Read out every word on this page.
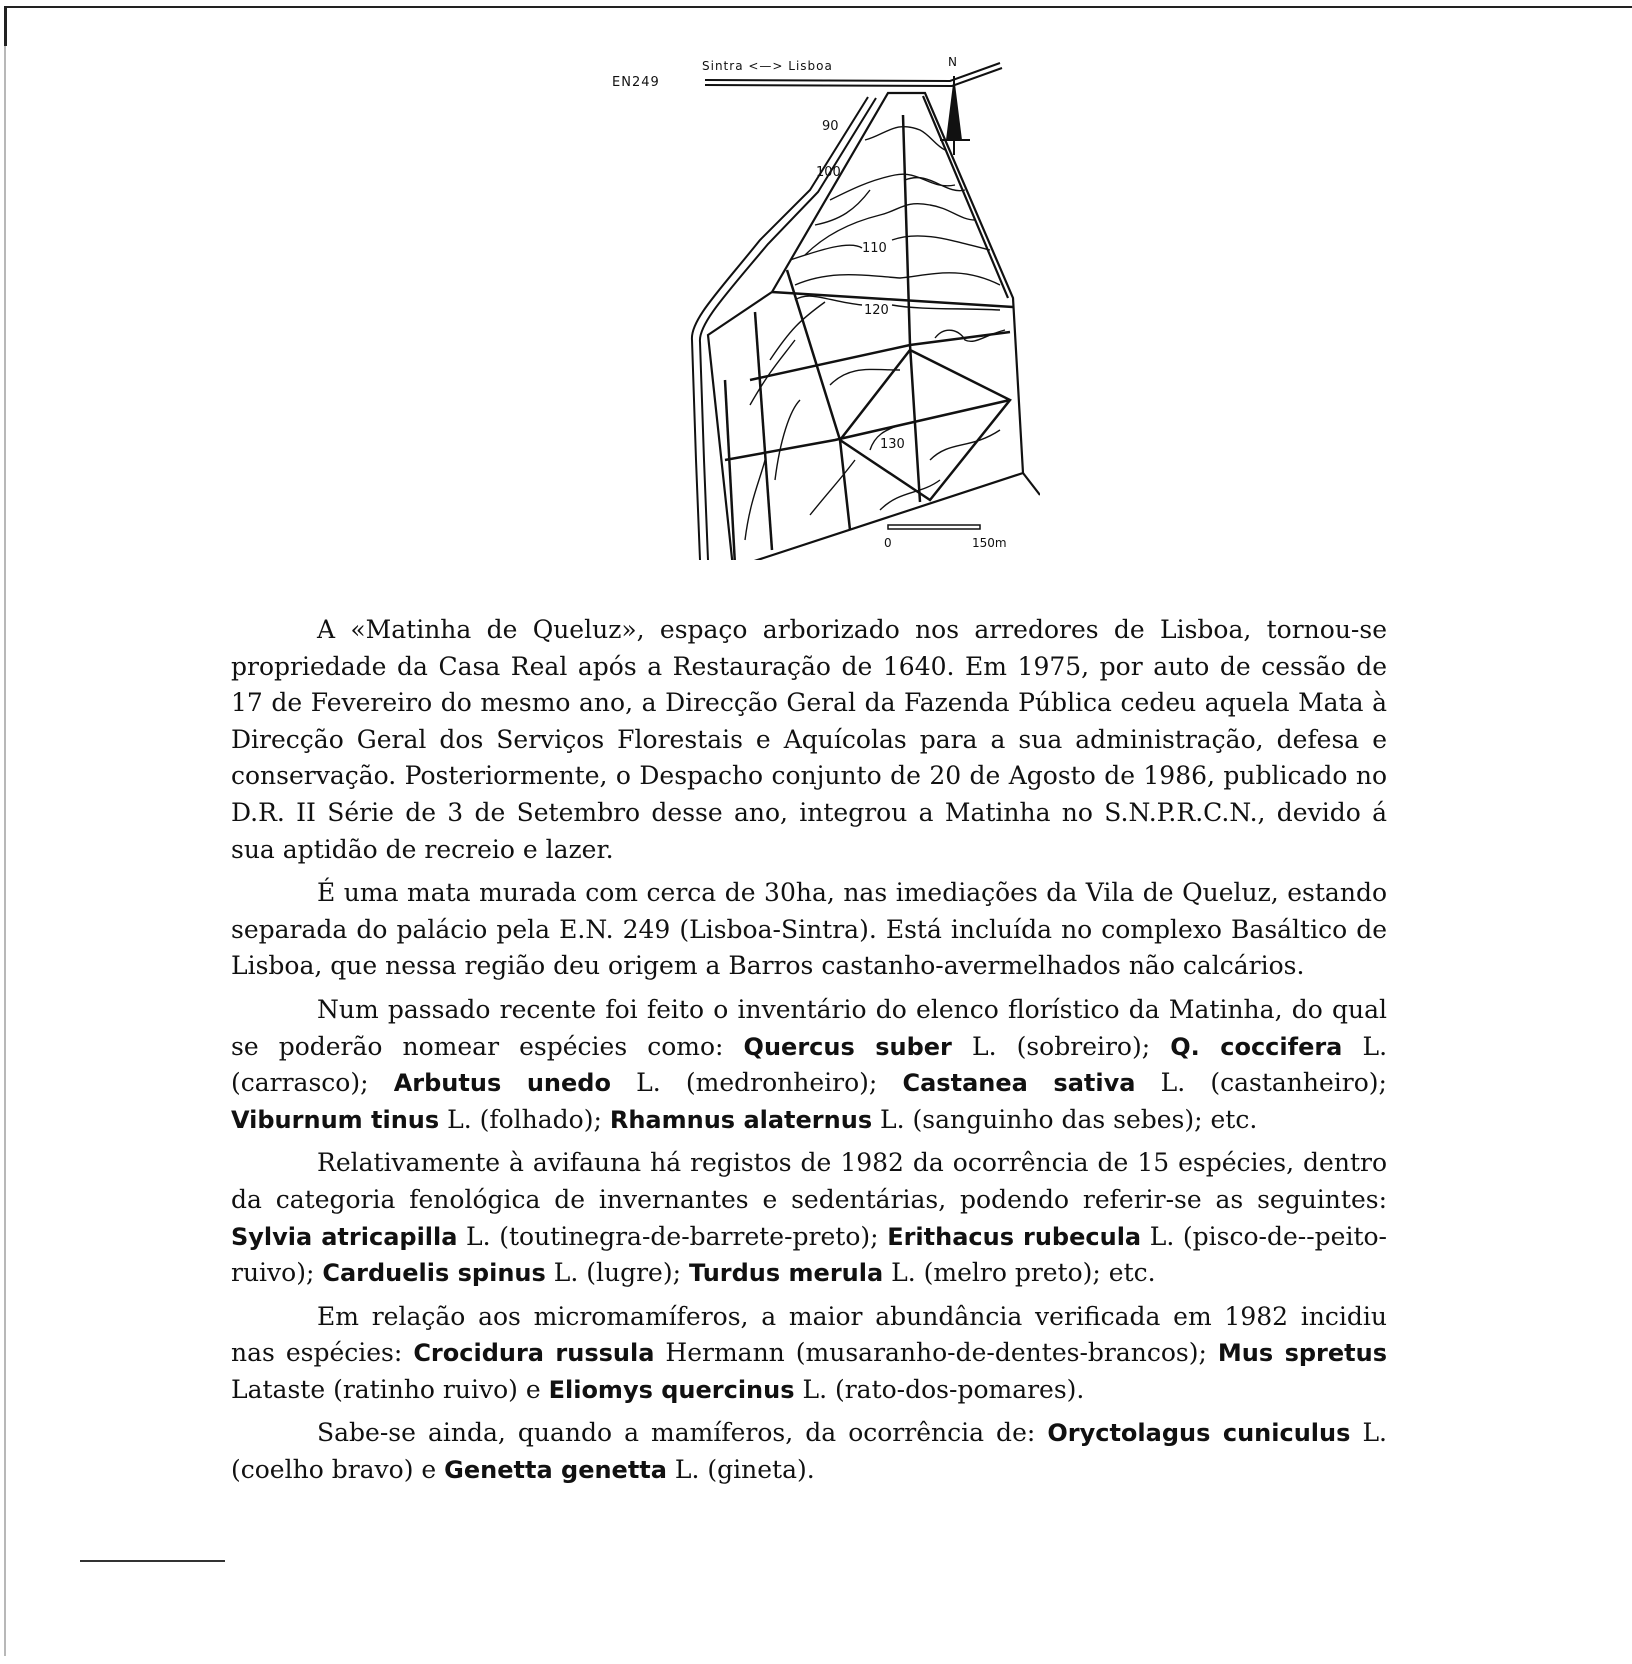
N
EN249
Sintra <—> Lisboa
90
100
110
120
130
0	150m

A «Matinha de Queluz», espaço arborizado nos arredores de Lisboa, tornou-se propriedade da Casa Real após a Restauração de 1640. Em 1975, por auto de cessão de 17 de Fevereiro do mesmo ano, a Direcção Geral da Fazenda Pública cedeu aquela Mata à Direcção Geral dos Serviços Florestais e Aquícolas para a sua administração, defesa e conservação. Posteriormente, o Despacho conjunto de 20 de Agosto de 1986, publicado no D.R. II Série de 3 de Setembro desse ano, integrou a Matinha no S.N.P.R.C.N., devido á sua aptidão de recreio e lazer.

É uma mata murada com cerca de 30ha, nas imediações da Vila de Queluz, estando separada do palácio pela E.N. 249 (Lisboa-Sintra). Está incluída no complexo Basáltico de Lisboa, que nessa região deu origem a Barros castanho-avermelhados não calcários.

Num passado recente foi feito o inventário do elenco florístico da Matinha, do qual se poderão nomear espécies como: Quercus suber L. (sobreiro); Q. coccifera L. (carrasco); Arbutus unedo L. (medronheiro); Castanea sativa L. (castanheiro); Viburnum tinus L. (folhado); Rhamnus alaternus L. (sanguinho das sebes); etc.

Relativamente à avifauna há registos de 1982 da ocorrência de 15 espécies, dentro da categoria fenológica de invernantes e sedentárias, podendo referir-se as seguintes: Sylvia atricapilla L. (toutinegra-de-barrete-preto); Erithacus rubecula L. (pisco-de--peito-ruivo); Carduelis spinus L. (lugre); Turdus merula L. (melro preto); etc.

Em relação aos micromamíferos, a maior abundância verificada em 1982 incidiu nas espécies: Crocidura russula Hermann (musaranho-de-dentes-brancos); Mus spretus Lataste (ratinho ruivo) e Eliomys quercinus L. (rato-dos-pomares).

Sabe-se ainda, quando a mamíferos, da ocorrência de: Oryctolagus cuniculus L. (coelho bravo) e Genetta genetta L. (gineta).
